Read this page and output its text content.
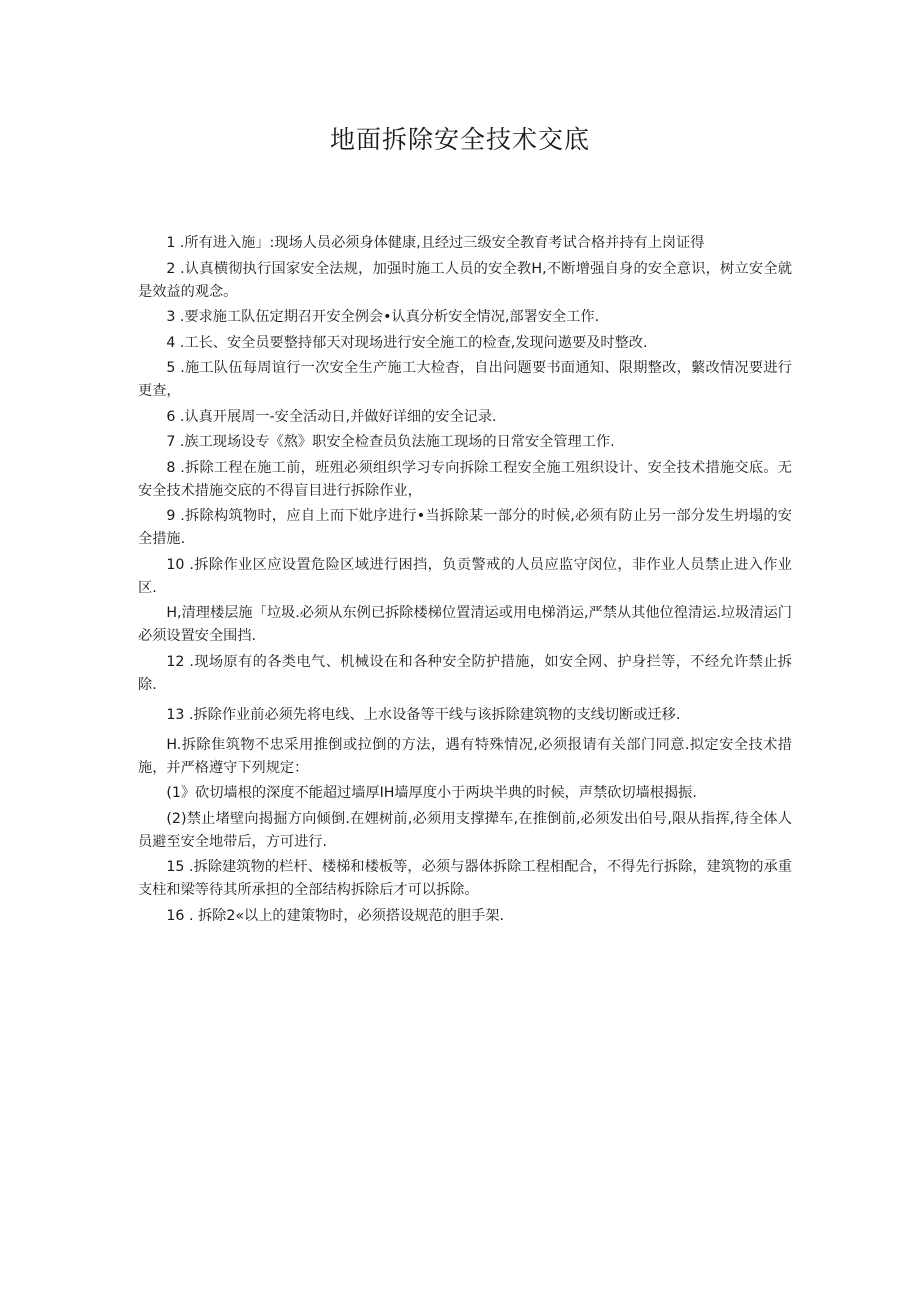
地面拆除安全技术交底

1 .所有进入施」:现场人员必须身体健康,且经过三级安全教育考试合格并持有上岗证得

2 .认真横彻执行国家安全法规，加强时施工人员的安全教H,不断增强自身的安全意识，树立安全就是效益的观念。

3 .要求施工队伍定期召开安全例会•认真分析安全情况,部署安全工作.

4 .工长、安全员要整持郁天对现场进行安全施工的检查,发现问遨要及时整改.

5 .施工队伍每周谊行一次安全生产施工大检杳，自出问题要书面通知、限期整改，蘩改情况要进行更查，

6 .认真开展周一-安全活动日,并做好详细的安全记录.

7 .族工现场设专《熬》职安全检查员负法施工现场的日常安全管理工作.

8 .拆除工程在施工前，班殂必须组织学习专向拆除工程安全施工殂织设计、安全技术措施交底。无安全技术措施交底的不得盲目进行拆除作业，

9 .拆除构筑物时，应自上而下妣序进行•当拆除某一部分的时候,必须有防止另一部分发生坍塌的安全措施.

10 .拆除作业区应设置危险区域进行困挡，负贡警戒的人员应监守闵位，非作业人员禁止进入作业区.

H,清理楼层施「垃圾.必须从东例已拆除楼梯位置清运或用电梯消运,严禁从其他位徨清运.垃圾清运门必须设置安全围挡.

12 .现场原有的各类电气、机械设在和各种安全防护措施，如安全网、护身拦等，不经允许禁止拆除.

13 .拆除作业前必须先将电线、上水设备等干线与该拆除建筑物的支线切断或迁移.

H.拆除隹筑物不忠采用推倒或拉倒的方法，遇有特殊情况,必须报请有关部门同意.拟定安全技术措施，并严格遵守下列规定：

(1》砍切墙根的深度不能超过墙厚IH墙厚度小于两块半典的时候，声禁砍切墙根揭振.

(2)禁止堵壁向揭掘方向倾倒.在娌树前,必须用支撑撵车,在推倒前,必须发出伯号,限从指挥,待全体人员避至安全地带后，方可进行.

15 .拆除建筑物的栏杆、楼梯和楼板等，必须与器体拆除工程相配合，不得先行拆除，建筑物的承重支柱和梁等待其所承担的全部结构拆除后才可以拆除。

16 . 拆除2«以上的建策物时，必须搭设规范的胆手架.
